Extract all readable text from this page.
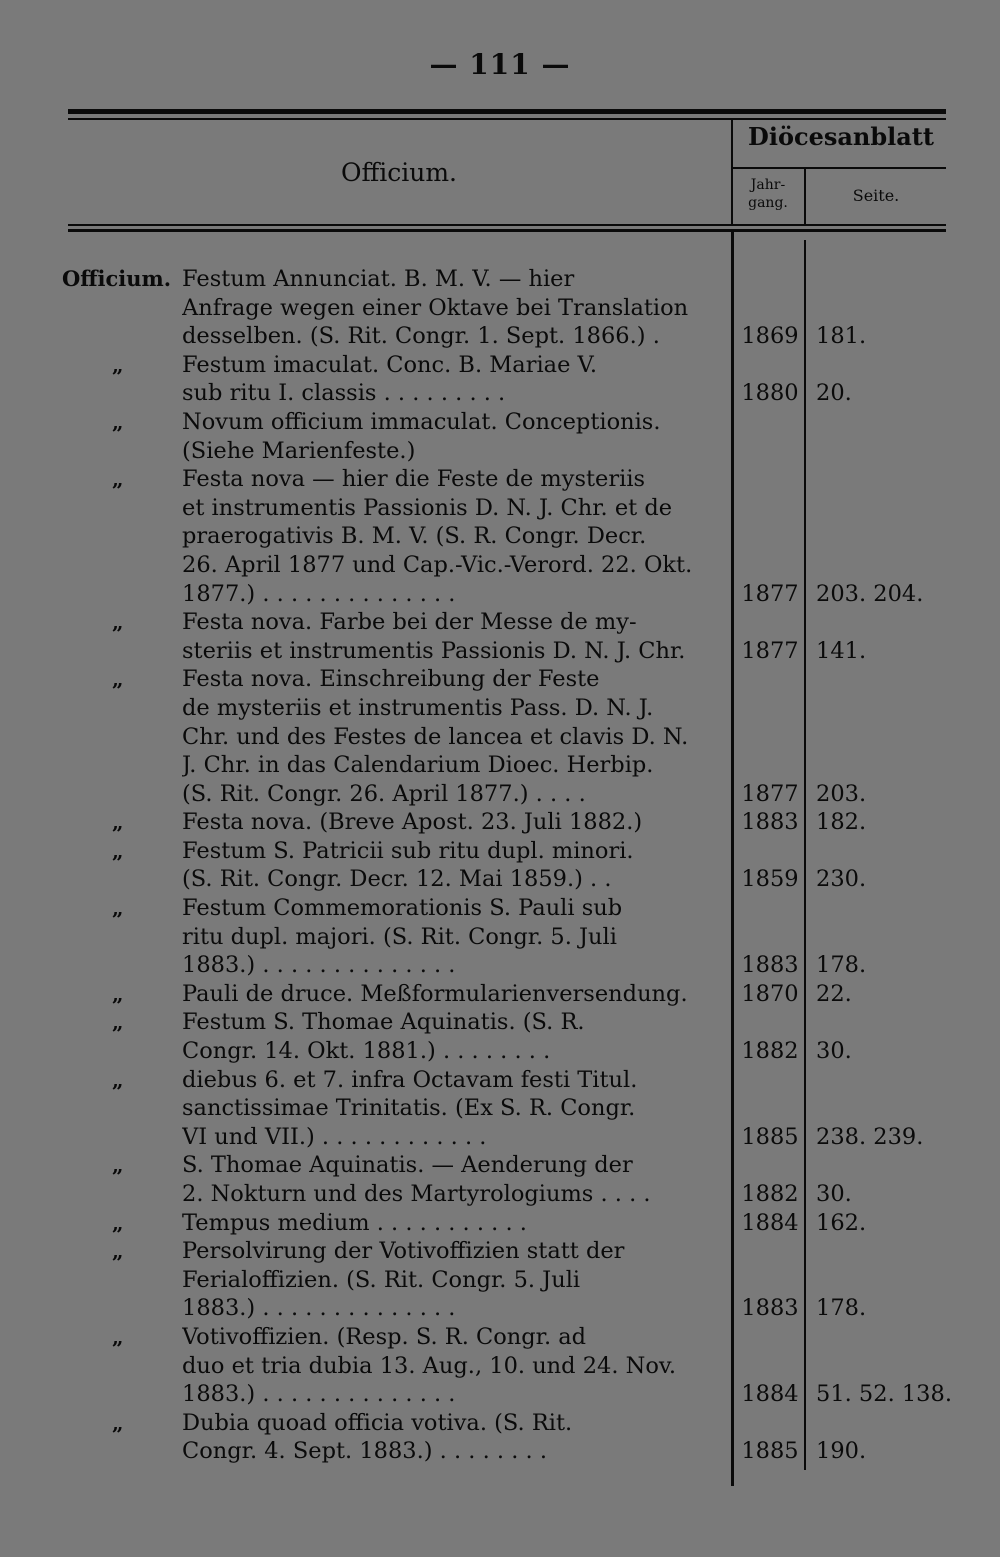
— 111 —
Officium.
Diöcesanblatt
Jahr-
gang.	Seite.
Officium. Festum Annunciat. B. M. V. — hier
Anfrage wegen einer Oktave bei Translation
desselben. (S. Rit. Congr. 1. Sept. 1866.) .	1869 181.
„	Festum imaculat. Conc. B. Mariae V.
sub ritu I. classis . . . . . . . . .	1880 20.
„	Novum officium immaculat. Conceptionis.
(Siehe Marienfeste.)
„	Festa nova — hier die Feste de mysteriis
et instrumentis Passionis D. N. J. Chr. et de
praerogativis B. M. V. (S. R. Congr. Decr.
26. April 1877 und Cap.-Vic.-Verord. 22. Okt.
1877.) . . . . . . . . . . . . . .	1877 203. 204.
„	Festa nova. Farbe bei der Messe de my-
steriis et instrumentis Passionis D. N. J. Chr.	1877 141.
„	Festa nova. Einschreibung der Feste
de mysteriis et instrumentis Pass. D. N. J.
Chr. und des Festes de lancea et clavis D. N.
J. Chr. in das Calendarium Dioec. Herbip.
(S. Rit. Congr. 26. April 1877.) . . . .	1877 203.
„	Festa nova. (Breve Apost. 23. Juli 1882.)	1883 182.
„	Festum S. Patricii sub ritu dupl. minori.
(S. Rit. Congr. Decr. 12. Mai 1859.) . .	1859 230.
„	Festum Commemorationis S. Pauli sub
ritu dupl. majori. (S. Rit. Congr. 5. Juli
1883.) . . . . . . . . . . . . . .	1883 178.
„	Pauli de druce. Meßformularienversendung.	1870 22.
„	Festum S. Thomae Aquinatis. (S. R.
Congr. 14. Okt. 1881.) . . . . . . . .	1882 30.
„	diebus 6. et 7. infra Octavam festi Titul.
sanctissimae Trinitatis. (Ex S. R. Congr.
VI und VII.) . . . . . . . . . . . .	1885 238. 239.
„	S. Thomae Aquinatis. — Aenderung der
2. Nokturn und des Martyrologiums . . . .	1882 30.
„	Tempus medium . . . . . . . . . . .	1884 162.
„	Persolvirung der Votivoffizien statt der
Ferialoffizien. (S. Rit. Congr. 5. Juli
1883.) . . . . . . . . . . . . . .	1883 178.
„	Votivoffizien. (Resp. S. R. Congr. ad
duo et tria dubia 13. Aug., 10. und 24. Nov.
1883.) . . . . . . . . . . . . . .	1884 51. 52. 138.
„	Dubia quoad officia votiva. (S. Rit.
Congr. 4. Sept. 1883.) . . . . . . . .	1885 190.
